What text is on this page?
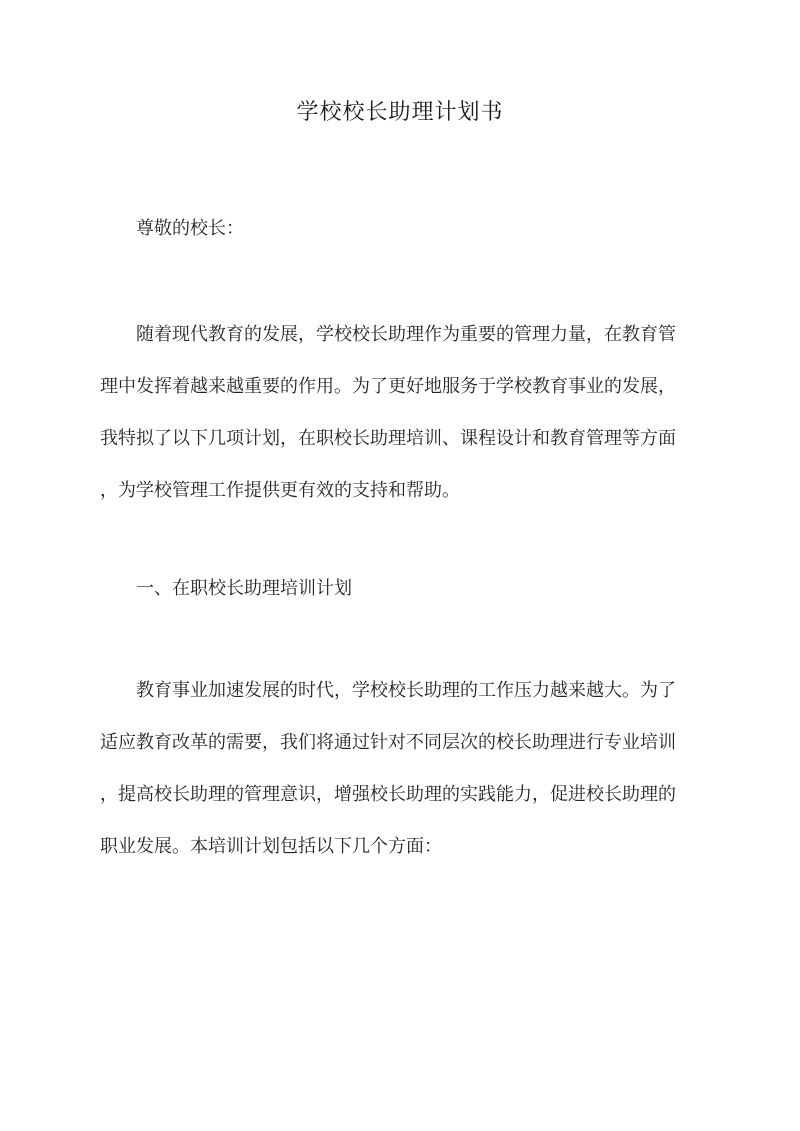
学校校长助理计划书
尊敬的校长：
随着现代教育的发展，学校校长助理作为重要的管理力量，在教育管
理中发挥着越来越重要的作用。为了更好地服务于学校教育事业的发展，
我特拟了以下几项计划，在职校长助理培训、课程设计和教育管理等方面
，为学校管理工作提供更有效的支持和帮助。
一、在职校长助理培训计划
教育事业加速发展的时代，学校校长助理的工作压力越来越大。为了
适应教育改革的需要，我们将通过针对不同层次的校长助理进行专业培训
，提高校长助理的管理意识，增强校长助理的实践能力，促进校长助理的
职业发展。本培训计划包括以下几个方面：
